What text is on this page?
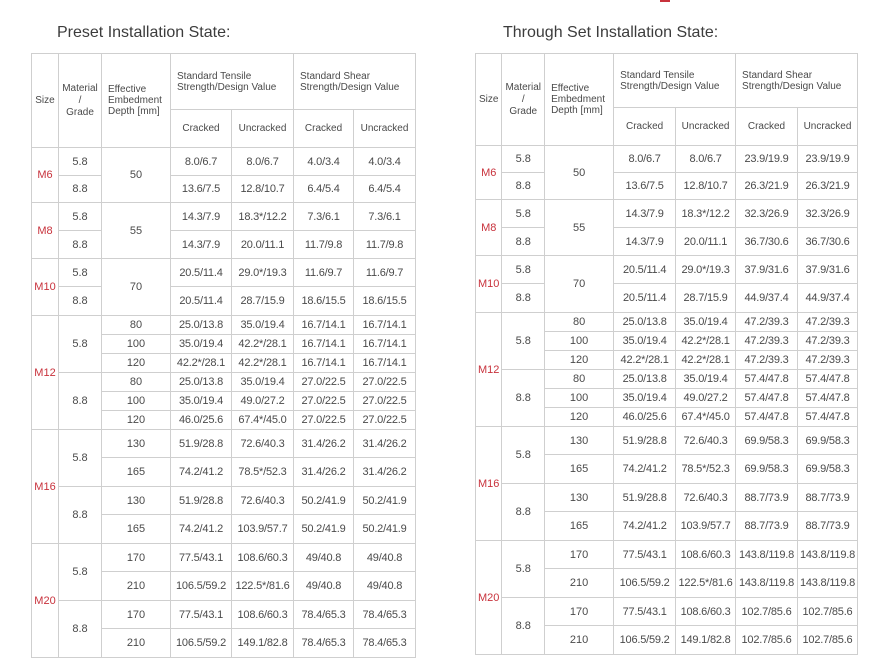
Preset Installation State:
Size	Material
/
Grade	Effective
Embedment
Depth [mm]	Standard Tensile
Strength/Design Value		Standard Shear
Strength/Design Value	
			Cracked	Uncracked	Cracked	Uncracked
M6	5.8	50	8.0/6.7	8.0/6.7	4.0/3.4	4.0/3.4
	8.8		13.6/7.5	12.8/10.7	6.4/5.4	6.4/5.4
M8	5.8	55	14.3/7.9	18.3*/12.2	7.3/6.1	7.3/6.1
	8.8		14.3/7.9	20.0/11.1	11.7/9.8	11.7/9.8
M10	5.8	70	20.5/11.4	29.0*/19.3	11.6/9.7	11.6/9.7
	8.8		20.5/11.4	28.7/15.9	18.6/15.5	18.6/15.5
M12	5.8	80	25.0/13.8	35.0/19.4	16.7/14.1	16.7/14.1
		100	35.0/19.4	42.2*/28.1	16.7/14.1	16.7/14.1
		120	42.2*/28.1	42.2*/28.1	16.7/14.1	16.7/14.1
	8.8	80	25.0/13.8	35.0/19.4	27.0/22.5	27.0/22.5
		100	35.0/19.4	49.0/27.2	27.0/22.5	27.0/22.5
		120	46.0/25.6	67.4*/45.0	27.0/22.5	27.0/22.5
M16	5.8	130	51.9/28.8	72.6/40.3	31.4/26.2	31.4/26.2
		165	74.2/41.2	78.5*/52.3	31.4/26.2	31.4/26.2
	8.8	130	51.9/28.8	72.6/40.3	50.2/41.9	50.2/41.9
		165	74.2/41.2	103.9/57.7	50.2/41.9	50.2/41.9
M20	5.8	170	77.5/43.1	108.6/60.3	49/40.8	49/40.8
		210	106.5/59.2	122.5*/81.6	49/40.8	49/40.8
	8.8	170	77.5/43.1	108.6/60.3	78.4/65.3	78.4/65.3
		210	106.5/59.2	149.1/82.8	78.4/65.3	78.4/65.3
Through Set Installation State:
Size	Material
/
Grade	Effective
Embedment
Depth [mm]	Standard Tensile
Strength/Design Value		Standard Shear
Strength/Design Value	
			Cracked	Uncracked	Cracked	Uncracked
M6	5.8	50	8.0/6.7	8.0/6.7	23.9/19.9	23.9/19.9
	8.8		13.6/7.5	12.8/10.7	26.3/21.9	26.3/21.9
M8	5.8	55	14.3/7.9	18.3*/12.2	32.3/26.9	32.3/26.9
	8.8		14.3/7.9	20.0/11.1	36.7/30.6	36.7/30.6
M10	5.8	70	20.5/11.4	29.0*/19.3	37.9/31.6	37.9/31.6
	8.8		20.5/11.4	28.7/15.9	44.9/37.4	44.9/37.4
M12	5.8	80	25.0/13.8	35.0/19.4	47.2/39.3	47.2/39.3
		100	35.0/19.4	42.2*/28.1	47.2/39.3	47.2/39.3
		120	42.2*/28.1	42.2*/28.1	47.2/39.3	47.2/39.3
	8.8	80	25.0/13.8	35.0/19.4	57.4/47.8	57.4/47.8
		100	35.0/19.4	49.0/27.2	57.4/47.8	57.4/47.8
		120	46.0/25.6	67.4*/45.0	57.4/47.8	57.4/47.8
M16	5.8	130	51.9/28.8	72.6/40.3	69.9/58.3	69.9/58.3
		165	74.2/41.2	78.5*/52.3	69.9/58.3	69.9/58.3
	8.8	130	51.9/28.8	72.6/40.3	88.7/73.9	88.7/73.9
		165	74.2/41.2	103.9/57.7	88.7/73.9	88.7/73.9
M20	5.8	170	77.5/43.1	108.6/60.3	143.8/119.8	143.8/119.8
		210	106.5/59.2	122.5*/81.6	143.8/119.8	143.8/119.8
	8.8	170	77.5/43.1	108.6/60.3	102.7/85.6	102.7/85.6
		210	106.5/59.2	149.1/82.8	102.7/85.6	102.7/85.6
